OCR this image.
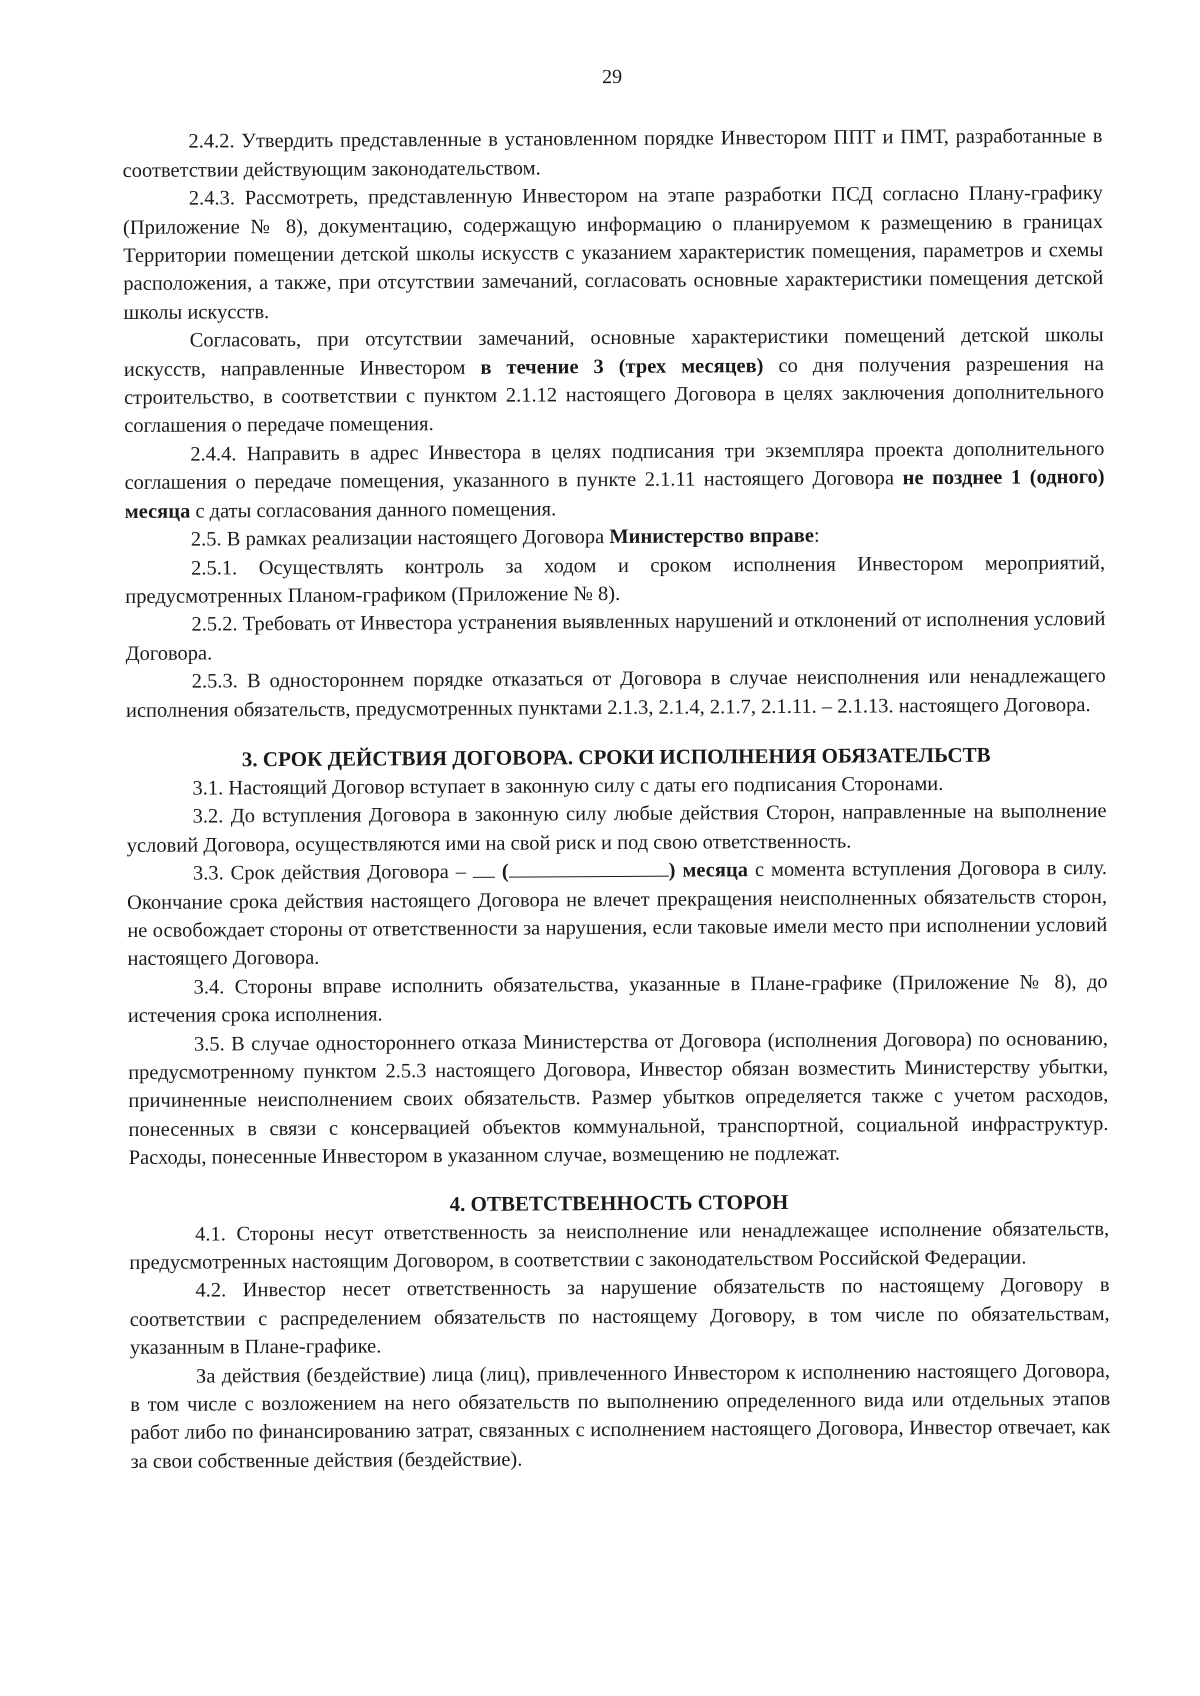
29

2.4.2. Утвердить представленные в установленном порядке Инвестором ППТ и ПМТ, разработанные в соответствии действующим законодательством.

2.4.3. Рассмотреть, представленную Инвестором на этапе разработки ПСД согласно Плану-графику (Приложение № 8), документацию, содержащую информацию о планируемом к размещению в границах Территории помещении детской школы искусств с указанием характеристик помещения, параметров и схемы расположения, а также, при отсутствии замечаний, согласовать основные характеристики помещения детской школы искусств.

Согласовать, при отсутствии замечаний, основные характеристики помещений детской школы искусств, направленные Инвестором в течение 3 (трех месяцев) со дня получения разрешения на строительство, в соответствии с пунктом 2.1.12 настоящего Договора в целях заключения дополнительного соглашения о передаче помещения.

2.4.4. Направить в адрес Инвестора в целях подписания три экземпляра проекта дополнительного соглашения о передаче помещения, указанного в пункте 2.1.11 настоящего Договора не позднее 1 (одного) месяца с даты согласования данного помещения.

2.5. В рамках реализации настоящего Договора Министерство вправе:

2.5.1. Осуществлять контроль за ходом и сроком исполнения Инвестором мероприятий, предусмотренных Планом-графиком (Приложение № 8).

2.5.2. Требовать от Инвестора устранения выявленных нарушений и отклонений от исполнения условий Договора.

2.5.3. В одностороннем порядке отказаться от Договора в случае неисполнения или ненадлежащего исполнения обязательств, предусмотренных пунктами 2.1.3, 2.1.4, 2.1.7, 2.1.11. – 2.1.13. настоящего Договора.

3. СРОК ДЕЙСТВИЯ ДОГОВОРА. СРОКИ ИСПОЛНЕНИЯ ОБЯЗАТЕЛЬСТВ

3.1. Настоящий Договор вступает в законную силу с даты его подписания Сторонами.

3.2. До вступления Договора в законную силу любые действия Сторон, направленные на выполнение условий Договора, осуществляются ими на свой риск и под свою ответственность.

3.3. Срок действия Договора –  (	) месяца с момента вступления Договора в силу. Окончание срока действия настоящего Договора не влечет прекращения неисполненных обязательств сторон, не освобождает стороны от ответственности за нарушения, если таковые имели место при исполнении условий настоящего Договора.

3.4. Стороны вправе исполнить обязательства, указанные в Плане-графике (Приложение № 8), до истечения срока исполнения.

3.5. В случае одностороннего отказа Министерства от Договора (исполнения Договора) по основанию, предусмотренному пунктом 2.5.3 настоящего Договора, Инвестор обязан возместить Министерству убытки, причиненные неисполнением своих обязательств. Размер убытков определяется также с учетом расходов, понесенных в связи с консервацией объектов коммунальной, транспортной, социальной инфраструктур. Расходы, понесенные Инвестором в указанном случае, возмещению не подлежат.

4. ОТВЕТСТВЕННОСТЬ СТОРОН

4.1. Стороны несут ответственность за неисполнение или ненадлежащее исполнение обязательств, предусмотренных настоящим Договором, в соответствии с законодательством Российской Федерации.

4.2. Инвестор несет ответственность за нарушение обязательств по настоящему Договору в соответствии с распределением обязательств по настоящему Договору, в том числе по обязательствам, указанным в Плане-графике.

За действия (бездействие) лица (лиц), привлеченного Инвестором к исполнению настоящего Договора, в том числе с возложением на него обязательств по выполнению определенного вида или отдельных этапов работ либо по финансированию затрат, связанных с исполнением настоящего Договора, Инвестор отвечает, как за свои собственные действия (бездействие).
